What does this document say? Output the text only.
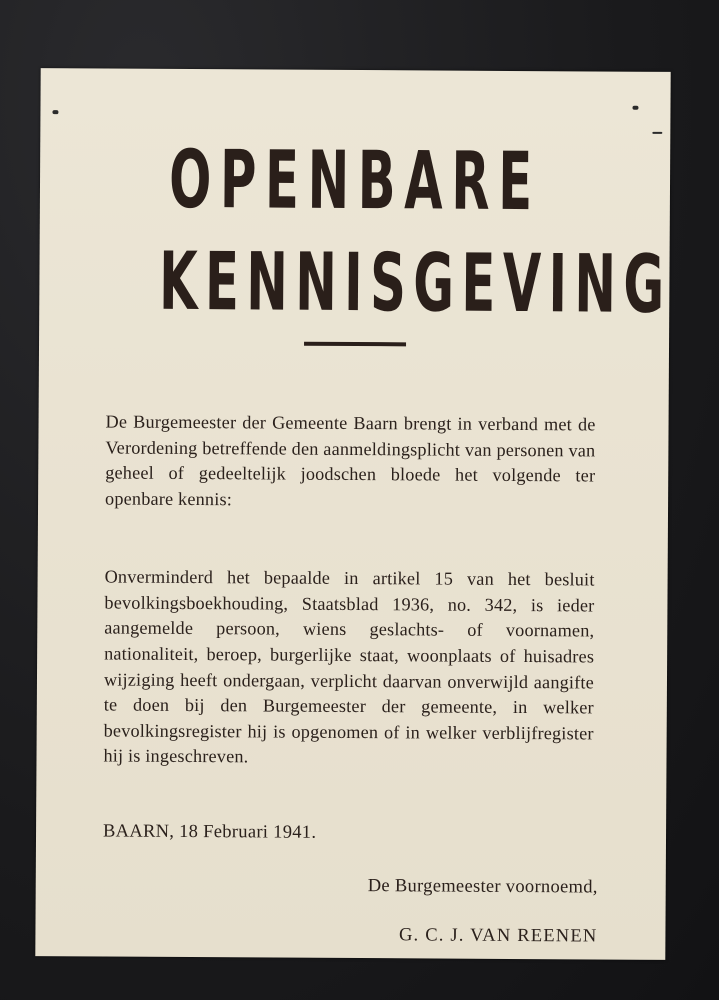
OPENBARE
KENNISGEVING

De Burgemeester der Gemeente Baarn brengt in verband met de Verordening betreffende den aanmeldingsplicht van personen van geheel of gedeeltelijk joodschen bloede het volgende ter openbare kennis:

Onverminderd het bepaalde in artikel 15 van het besluit bevolkingsboekhouding, Staatsblad 1936, no. 342, is ieder aangemelde persoon, wiens geslachts- of voornamen, nationaliteit, beroep, burgerlijke staat, woonplaats of huisadres wijziging heeft ondergaan, verplicht daarvan onverwijld aangifte te doen bij den Burgemeester der gemeente, in welker bevolkingsregister hij is opgenomen of in welker verblijfregister hij is ingeschreven.

BAARN, 18 Februari 1941.
De Burgemeester voornoemd,
G. C. J. VAN REENEN
